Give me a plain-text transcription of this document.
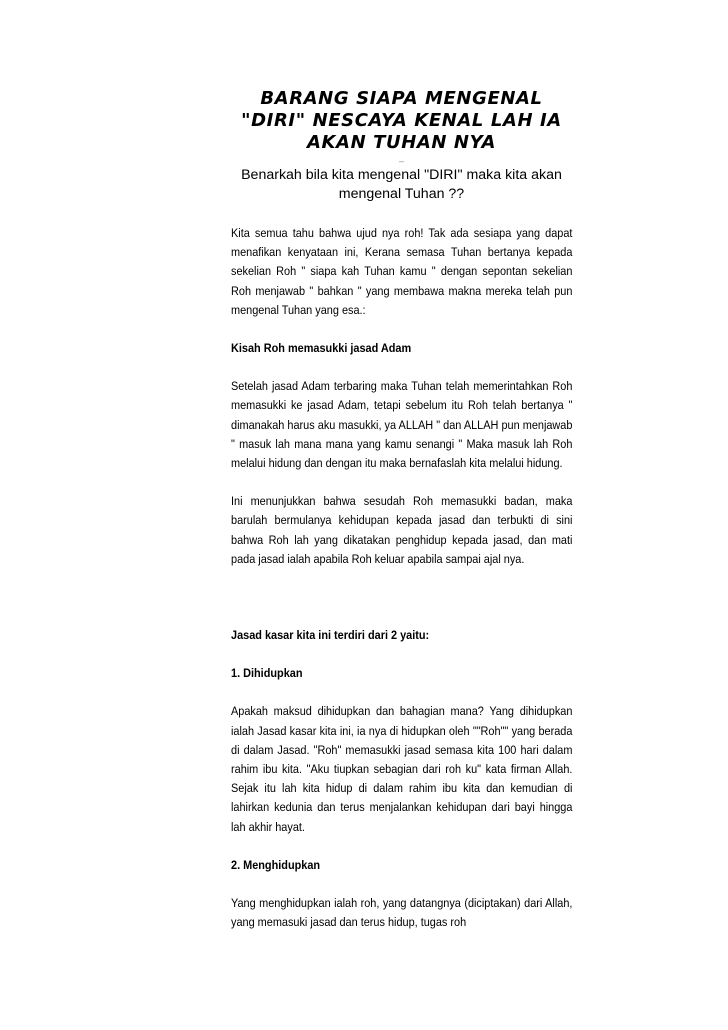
BARANG SIAPA MENGENAL "DIRI" NESCAYA KENAL LAH IA AKAN TUHAN NYA
–

Benarkah bila kita mengenal "DIRI" maka kita akan mengenal Tuhan ??

Kita semua tahu bahwa ujud nya roh! Tak ada sesiapa yang dapat menafikan kenyataan ini, Kerana semasa Tuhan bertanya kepada sekelian Roh " siapa kah Tuhan kamu " dengan sepontan sekelian Roh menjawab " bahkan " yang membawa makna mereka telah pun mengenal Tuhan yang esa.:

Kisah Roh memasukki jasad Adam

Setelah jasad Adam terbaring maka Tuhan telah memerintahkan Roh memasukki ke jasad Adam, tetapi sebelum itu Roh telah bertanya " dimanakah harus aku masukki, ya ALLAH " dan ALLAH pun menjawab " masuk lah mana mana yang kamu senangi " Maka masuk lah Roh melalui hidung dan dengan itu maka bernafaslah kita melalui hidung.

Ini menunjukkan bahwa sesudah Roh memasukki badan, maka barulah bermulanya kehidupan kepada jasad dan terbukti di sini bahwa Roh lah yang dikatakan penghidup kepada jasad, dan mati pada jasad ialah apabila Roh keluar apabila sampai ajal nya.

Jasad kasar kita ini terdiri dari 2 yaitu:

1. Dihidupkan

Apakah maksud dihidupkan dan bahagian mana? Yang dihidupkan ialah Jasad kasar kita ini, ia nya di hidupkan oleh ""Roh"" yang berada di dalam Jasad. "Roh" memasukki jasad semasa kita 100 hari dalam rahim ibu kita. "Aku tiupkan sebagian dari roh ku" kata firman Allah. Sejak itu lah kita hidup di dalam rahim ibu kita dan kemudian di lahirkan kedunia dan terus menjalankan kehidupan dari bayi hingga lah akhir hayat.

2. Menghidupkan

Yang menghidupkan ialah roh, yang datangnya (diciptakan) dari Allah, yang memasuki jasad dan terus hidup, tugas roh
